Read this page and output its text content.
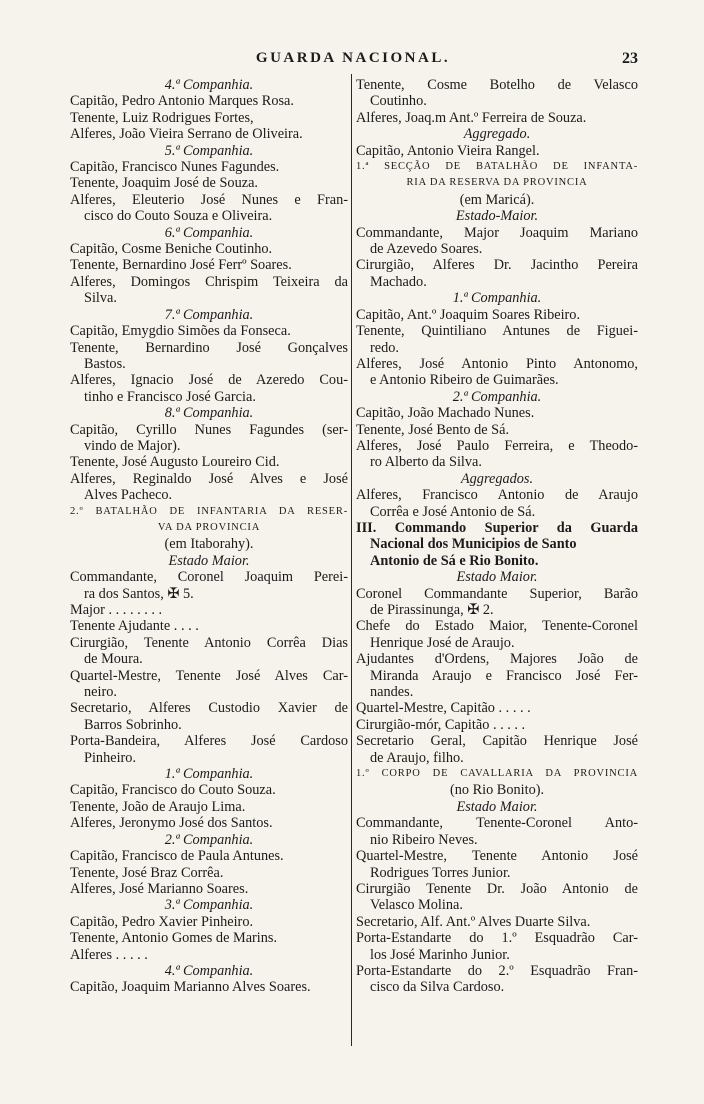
GUARDA NACIONAL.	23
4.ª Companhia.
Capitão, Pedro Antonio Marques Rosa.
Tenente, Luiz Rodrigues Fortes,
Alferes, João Vieira Serrano de Oliveira.
5.ª Companhia.
Capitão, Francisco Nunes Fagundes.
Tenente, Joaquim José de Souza.
Alferes, Eleuterio José Nunes e Fran-
cisco do Couto Souza e Oliveira.
6.ª Companhia.
Capitão, Cosme Beniche Coutinho.
Tenente, Bernardino José Ferrº Soares.
Alferes, Domingos Chrispim Teixeira da
Silva.
7.ª Companhia.
Capitão, Emygdio Simões da Fonseca.
Tenente, Bernardino José Gonçalves
Bastos.
Alferes, Ignacio José de Azeredo Cou-
tinho e Francisco José Garcia.
8.ª Companhia.
Capitão, Cyrillo Nunes Fagundes (ser-
vindo de Major).
Tenente, José Augusto Loureiro Cid.
Alferes, Reginaldo José Alves e José
Alves Pacheco.
2.º BATALHÃO DE INFANTARIA DA RESER-
VA DA PROVINCIA
(em Itaborahy).
Estado Maior.
Commandante, Coronel Joaquim Perei-
ra dos Santos, ✠ 5.
Major . . . . . . . .
Tenente Ajudante . . . .
Cirurgião, Tenente Antonio Corrêa Dias
de Moura.
Quartel-Mestre, Tenente José Alves Car-
neiro.
Secretario, Alferes Custodio Xavier de
Barros Sobrinho.
Porta-Bandeira, Alferes José Cardoso
Pinheiro.
1.ª Companhia.
Capitão, Francisco do Couto Souza.
Tenente, João de Araujo Lima.
Alferes, Jeronymo José dos Santos.
2.ª Companhia.
Capitão, Francisco de Paula Antunes.
Tenente, José Braz Corrêa.
Alferes, José Marianno Soares.
3.ª Companhia.
Capitão, Pedro Xavier Pinheiro.
Tenente, Antonio Gomes de Marins.
Alferes . . . . .
4.ª Companhia.
Capitão, Joaquim Marianno Alves Soares.
Tenente, Cosme Botelho de Velasco
Coutinho.
Alferes, Joaq.m Ant.º Ferreira de Souza.
Aggregado.
Capitão, Antonio Vieira Rangel.
1.ª SECÇÃO DE BATALHÃO DE INFANTA-
RIA DA RESERVA DA PROVINCIA
(em Maricá).
Estado-Maior.
Commandante, Major Joaquim Mariano
de Azevedo Soares.
Cirurgião, Alferes Dr. Jacintho Pereira
Machado.
1.ª Companhia.
Capitão, Ant.º Joaquim Soares Ribeiro.
Tenente, Quintiliano Antunes de Figuei-
redo.
Alferes, José Antonio Pinto Antonomo,
e Antonio Ribeiro de Guimarães.
2.ª Companhia.
Capitão, João Machado Nunes.
Tenente, José Bento de Sá.
Alferes, José Paulo Ferreira, e Theodo-
ro Alberto da Silva.
Aggregados.
Alferes, Francisco Antonio de Araujo
Corrêa e José Antonio de Sá.
III. Commando Superior da Guarda
Nacional dos Municipios de Santo
Antonio de Sá e Rio Bonito.
Estado Maior.
Coronel Commandante Superior, Barão
de Pirassinunga, ✠ 2.
Chefe do Estado Maior, Tenente-Coronel
Henrique José de Araujo.
Ajudantes d'Ordens, Majores João de
Miranda Araujo e Francisco José Fer-
nandes.
Quartel-Mestre, Capitão . . . . .
Cirurgião-mór, Capitão . . . . .
Secretario Geral, Capitão Henrique José
de Araujo, filho.
1.º CORPO DE CAVALLARIA DA PROVINCIA
(no Rio Bonito).
Estado Maior.
Commandante, Tenente-Coronel Anto-
nio Ribeiro Neves.
Quartel-Mestre, Tenente Antonio José
Rodrigues Torres Junior.
Cirurgião Tenente Dr. João Antonio de
Velasco Molina.
Secretario, Alf. Ant.º Alves Duarte Silva.
Porta-Estandarte do 1.º Esquadrão Car-
los José Marinho Junior.
Porta-Estandarte do 2.º Esquadrão Fran-
cisco da Silva Cardoso.
